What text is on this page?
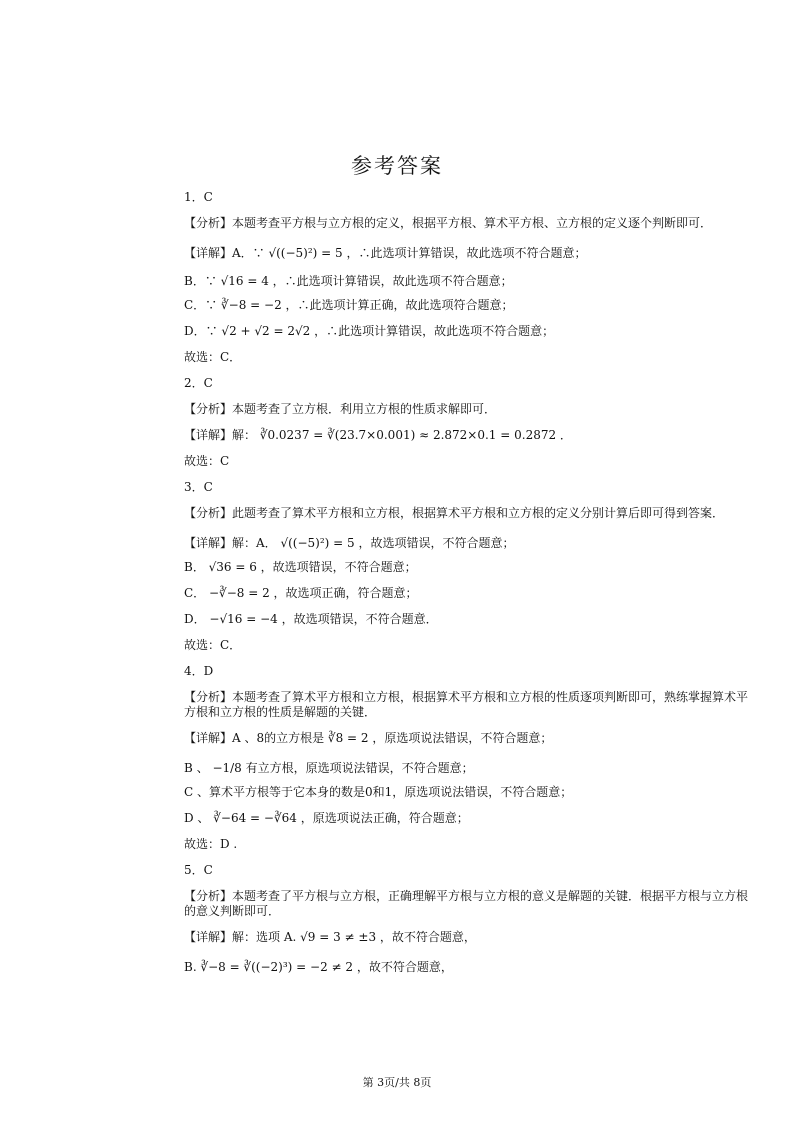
参考答案
1．C
【分析】本题考查平方根与立方根的定义，根据平方根、算术平方根、立方根的定义逐个判断即可．
【详解】A．∵ √((−5)²) = 5 ，∴此选项计算错误，故此选项不符合题意；
B．∵ √16 = 4 ，∴此选项计算错误，故此选项不符合题意；
C．∵ ∛−8 = −2 ，∴此选项计算正确，故此选项符合题意；
D．∵ √2 + √2 = 2√2 ，∴此选项计算错误，故此选项不符合题意；
故选：C．
2．C
【分析】本题考查了立方根．利用立方根的性质求解即可．
【详解】解： ∛0.0237 = ∛(23.7×0.001) ≈ 2.872×0.1 = 0.2872 ．
故选：C
3．C
【分析】此题考查了算术平方根和立方根，根据算术平方根和立方根的定义分别计算后即可得到答案．
【详解】解：A． √((−5)²) = 5 ，故选项错误，不符合题意；
B． √36 = 6 ，故选项错误，不符合题意；
C． −∛−8 = 2 ，故选项正确，符合题意；
D． −√16 = −4 ，故选项错误，不符合题意．
故选：C．
4．D
【分析】本题考查了算术平方根和立方根，根据算术平方根和立方根的性质逐项判断即可，熟练掌握算术平方根和立方根的性质是解题的关键．
【详解】A 、8的立方根是 ∛8 = 2 ，原选项说法错误，不符合题意；
B 、 −1/8 有立方根，原选项说法错误，不符合题意；
C 、算术平方根等于它本身的数是0和1，原选项说法错误，不符合题意；
D 、 ∛−64 = −∛64 ，原选项说法正确，符合题意；
故选：D .
5．C
【分析】本题考查了平方根与立方根，正确理解平方根与立方根的意义是解题的关键．根据平方根与立方根的意义判断即可．
【详解】解：选项 A. √9 = 3 ≠ ±3 ，故不符合题意，
B. ∛−8 = ∛((−2)³) = −2 ≠ 2 ，故不符合题意，
第 3页/共 8页
